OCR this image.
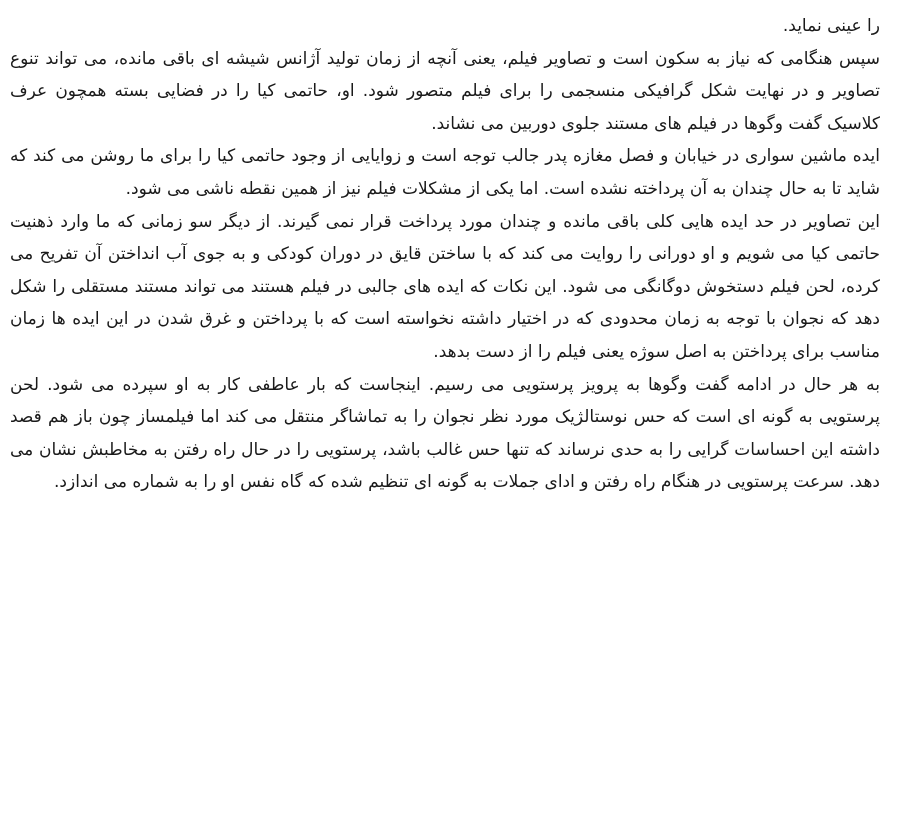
را عینی نماید.

سپس هنگامی که نیاز به سکون است و تصاویر فیلم، یعنی آنچه از زمان تولید آژانس شیشه ای باقی مانده، می تواند تنوع تصاویر و در نهایت شکل گرافیکی منسجمی را برای فیلم متصور شود. او، حاتمی کیا را در فضایی بسته همچون عرف کلاسیک گفت وگوها در فیلم های مستند جلوی دوربین می نشاند.

ایده ماشین سواری در خیابان و فصل مغازه پدر جالب توجه است و زوایایی از وجود حاتمی کیا را برای ما روشن می کند که شاید تا به حال چندان به آن پرداخته نشده است. اما یکی از مشکلات فیلم نیز از همین نقطه ناشی می شود.

این تصاویر در حد ایده هایی کلی باقی مانده و چندان مورد پرداخت قرار نمی گیرند. از دیگر سو زمانی که ما وارد ذهنیت حاتمی کیا می شویم و او دورانی را روایت می کند که با ساختن قایق در دوران کودکی و به جوی آب انداختن آن تفریح می کرده، لحن فیلم دستخوش دوگانگی می شود. این نکات که ایده های جالبی در فیلم هستند می تواند مستند مستقلی را شکل دهد که نجوان با توجه به زمان محدودی که در اختیار داشته نخواسته است که با پرداختن و غرق شدن در این ایده ها زمان مناسب برای پرداختن به اصل سوژه یعنی فیلم را از دست بدهد.

به هر حال در ادامه گفت وگوها به پرویز پرستویی می رسیم. اینجاست که بار عاطفی کار به او سپرده می شود. لحن پرستویی به گونه ای است که حس نوستالژیک مورد نظر نجوان را به تماشاگر منتقل می کند اما فیلمساز چون باز هم قصد داشته این احساسات گرایی را به حدی نرساند که تنها حس غالب باشد، پرستویی را در حال راه رفتن به مخاطبش نشان می دهد. سرعت پرستویی در هنگام راه رفتن و ادای جملات به گونه ای تنظیم شده که گاه نفس او را به شماره می اندازد.
